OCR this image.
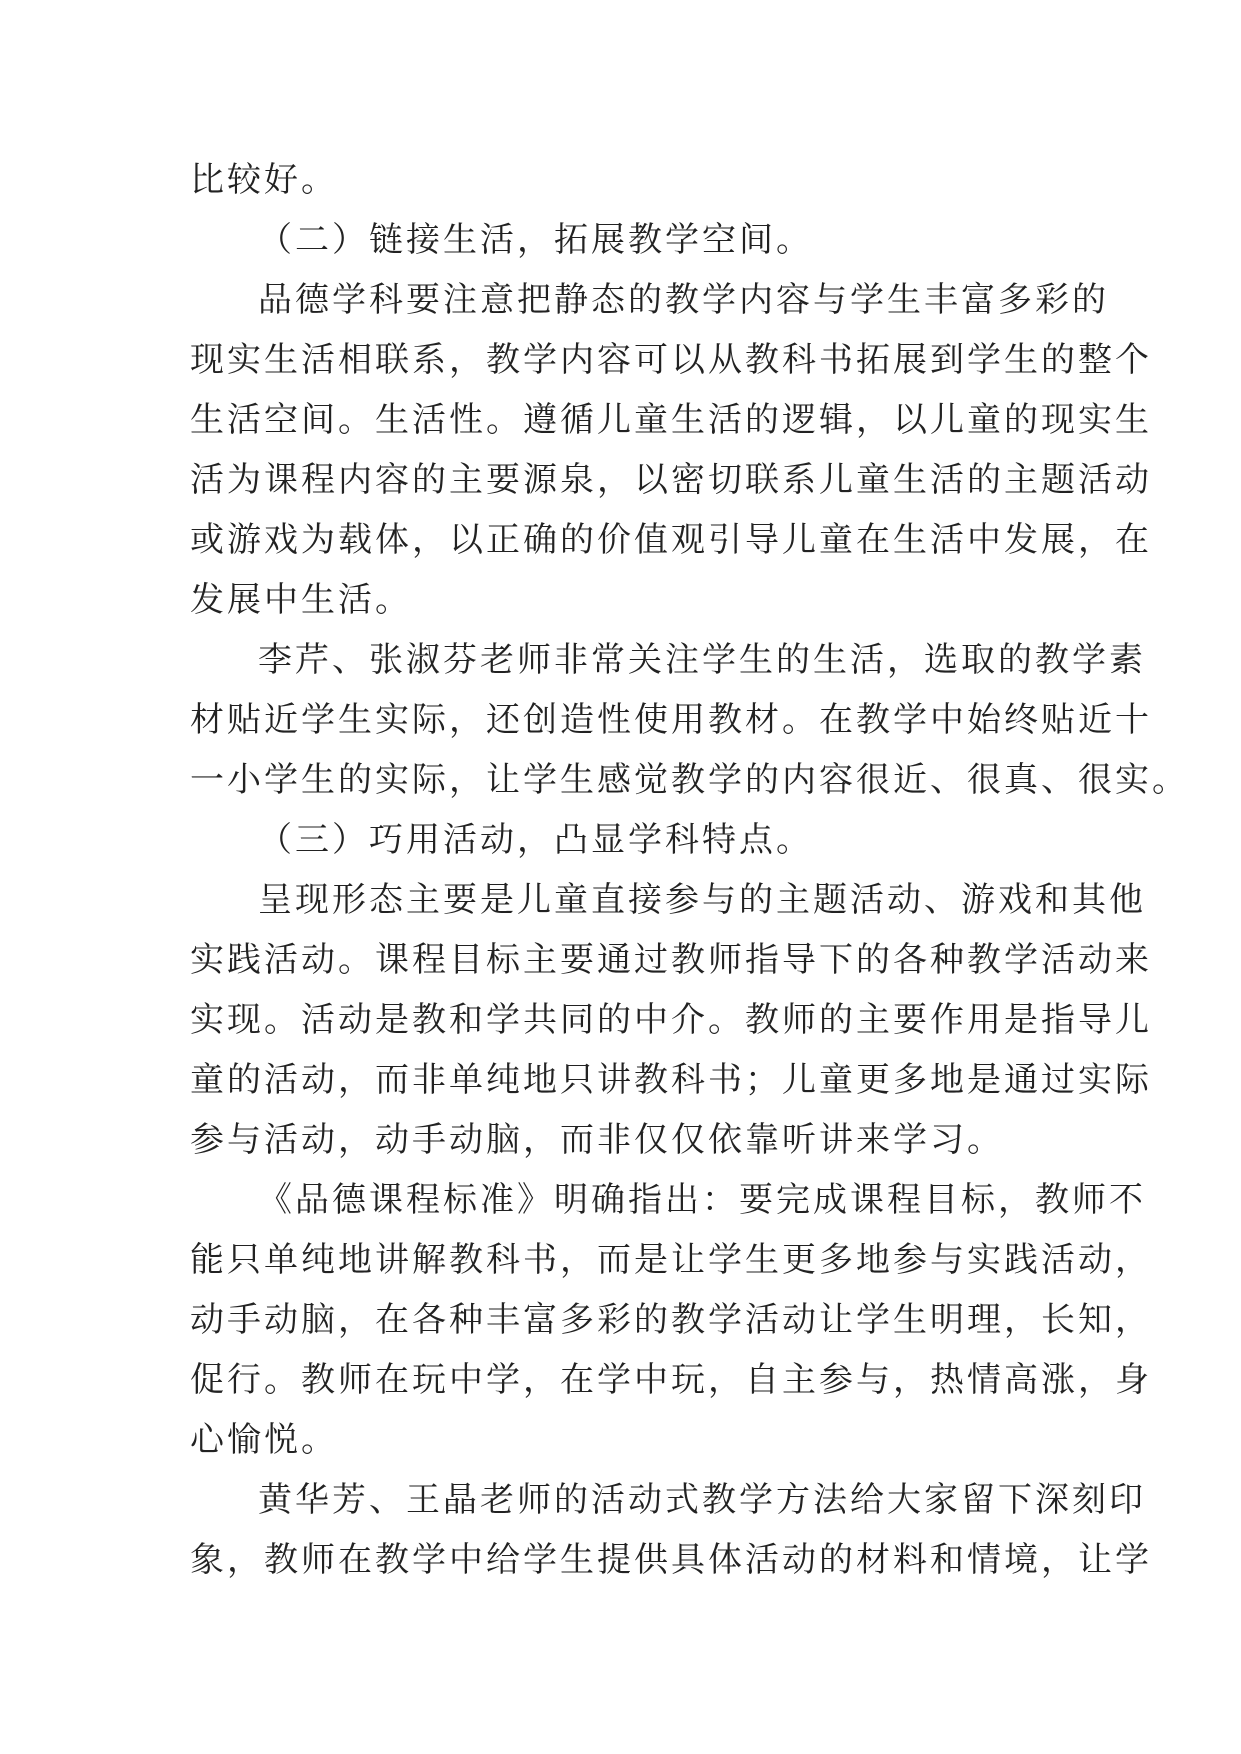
比较好。
（二）链接生活，拓展教学空间。
品德学科要注意把静态的教学内容与学生丰富多彩的
现实生活相联系，教学内容可以从教科书拓展到学生的整个
生活空间。生活性。遵循儿童生活的逻辑，以儿童的现实生
活为课程内容的主要源泉，以密切联系儿童生活的主题活动
或游戏为载体，以正确的价值观引导儿童在生活中发展，在
发展中生活。
李芹、张淑芬老师非常关注学生的生活，选取的教学素
材贴近学生实际，还创造性使用教材。在教学中始终贴近十
一小学生的实际，让学生感觉教学的内容很近、很真、很实。
（三）巧用活动，凸显学科特点。
呈现形态主要是儿童直接参与的主题活动、游戏和其他
实践活动。课程目标主要通过教师指导下的各种教学活动来
实现。活动是教和学共同的中介。教师的主要作用是指导儿
童的活动，而非单纯地只讲教科书；儿童更多地是通过实际
参与活动，动手动脑，而非仅仅依靠听讲来学习。
《品德课程标准》明确指出：要完成课程目标，教师不
能只单纯地讲解教科书，而是让学生更多地参与实践活动，
动手动脑，在各种丰富多彩的教学活动让学生明理，长知，
促行。教师在玩中学，在学中玩，自主参与，热情高涨，身
心愉悦。
黄华芳、王晶老师的活动式教学方法给大家留下深刻印
象，教师在教学中给学生提供具体活动的材料和情境，让学
